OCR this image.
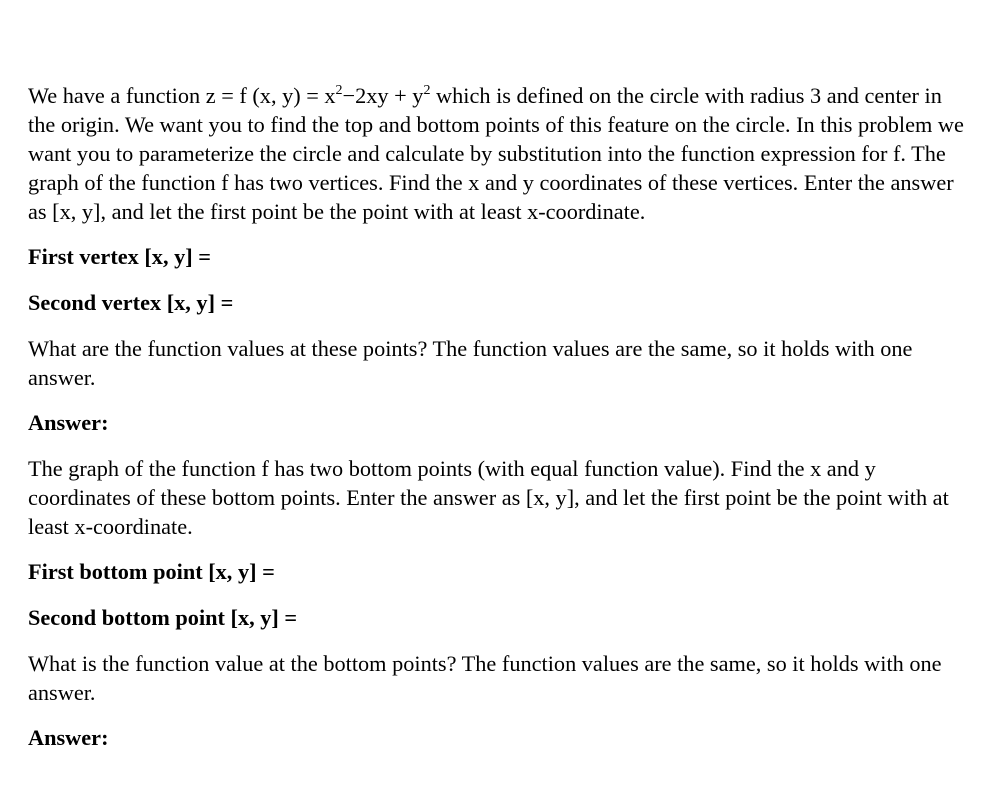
We have a function z = f (x, $y) = x^2-2xy + y^2$ which is defined on the circle with radius 3 and center in the origin. We want you to find the top and bottom points of this feature on the circle. In this problem we want you to parameterize the circle and calculate by substitution into the function expression for f. The graph of the function f has two vertices. Find the x and y coordinates of these vertices. Enter the answer as [x, y], and let the first point be the point with at least x-coordinate.

First vertex [x, y] =

Second vertex [x, y] =

What are the function values at these points? The function values are the same, so it holds with one answer.

Answer:

The graph of the function f has two bottom points (with equal function value). Find the x and y coordinates of these bottom points. Enter the answer as [x, y], and let the first point be the point with at least x-coordinate.

First bottom point [x, y] =

Second bottom point [x, y] =

What is the function value at the bottom points? The function values are the same, so it holds with one answer.

Answer:
